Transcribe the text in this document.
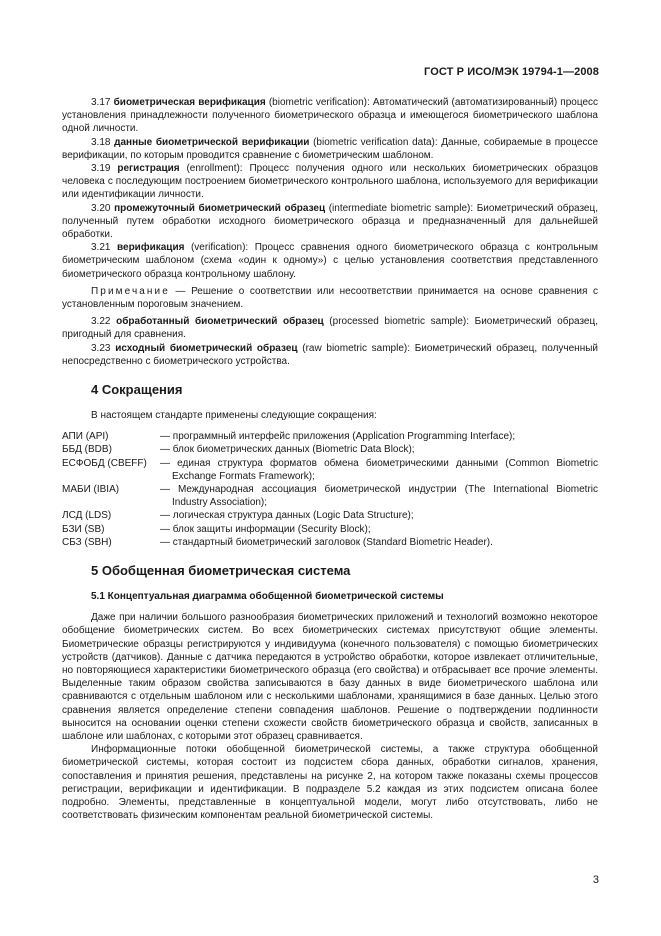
ГОСТ Р ИСО/МЭК 19794-1—2008

3.17 биометрическая верификация (biometric verification): Автоматический (автоматизированный) процесс установления принадлежности полученного биометрического образца и имеющегося биометрического шаблона одной личности.

3.18 данные биометрической верификации (biometric verification data): Данные, собираемые в процессе верификации, по которым проводится сравнение с биометрическим шаблоном.

3.19 регистрация (enrollment): Процесс получения одного или нескольких биометрических образцов человека с последующим построением биометрического контрольного шаблона, используемого для верификации или идентификации личности.

3.20 промежуточный биометрический образец (intermediate biometric sample): Биометрический образец, полученный путем обработки исходного биометрического образца и предназначенный для дальнейшей обработки.

3.21 верификация (verification): Процесс сравнения одного биометрического образца с контрольным биометрическим шаблоном (схема «один к одному») с целью установления соответствия представленного биометрического образца контрольному шаблону.

Примечание — Решение о соответствии или несоответствии принимается на основе сравнения с установленным пороговым значением.

3.22 обработанный биометрический образец (processed biometric sample): Биометрический образец, пригодный для сравнения.

3.23 исходный биометрический образец (raw biometric sample): Биометрический образец, полученный непосредственно с биометрического устройства.

4 Сокращения

В настоящем стандарте применены следующие сокращения:

АПИ (API)	— программный интерфейс приложения (Application Programming Interface);
ББД (BDB)	— блок биометрических данных (Biometric Data Block);
ЕСФОБД (CBEFF)	— единая структура форматов обмена биометрическими данными (Common Biometric Exchange Formats Framework);
МАБИ (IBIA)	— Международная ассоциация биометрической индустрии (The International Biometric Industry Association);
ЛСД (LDS)	— логическая структура данных (Logic Data Structure);
БЗИ (SB)	— блок защиты информации (Security Block);
СБЗ (SBH)	— стандартный биометрический заголовок (Standard Biometric Header).
5 Обобщенная биометрическая система
5.1 Концептуальная диаграмма обобщенной биометрической системы

Даже при наличии большого разнообразия биометрических приложений и технологий возможно некоторое обобщение биометрических систем. Во всех биометрических системах присутствуют общие элементы. Биометрические образцы регистрируются у индивидуума (конечного пользователя) с помощью биометрических устройств (датчиков). Данные с датчика передаются в устройство обработки, которое извлекает отличительные, но повторяющиеся характеристики биометрического образца (его свойства) и отбрасывает все прочие элементы. Выделенные таким образом свойства записываются в базу данных в виде биометрического шаблона или сравниваются с отдельным шаблоном или с несколькими шаблонами, хранящимися в базе данных. Целью этого сравнения является определение степени совпадения шаблонов. Решение о подтверждении подлинности выносится на основании оценки степени схожести свойств биометрического образца и свойств, записанных в шаблоне или шаблонах, с которыми этот образец сравнивается.

Информационные потоки обобщенной биометрической системы, а также структура обобщенной биометрической системы, которая состоит из подсистем сбора данных, обработки сигналов, хранения, сопоставления и принятия решения, представлены на рисунке 2, на котором также показаны схемы процессов регистрации, верификации и идентификации. В подразделе 5.2 каждая из этих подсистем описана более подробно. Элементы, представленные в концептуальной модели, могут либо отсутствовать, либо не соответствовать физическим компонентам реальной биометрической системы.

3
